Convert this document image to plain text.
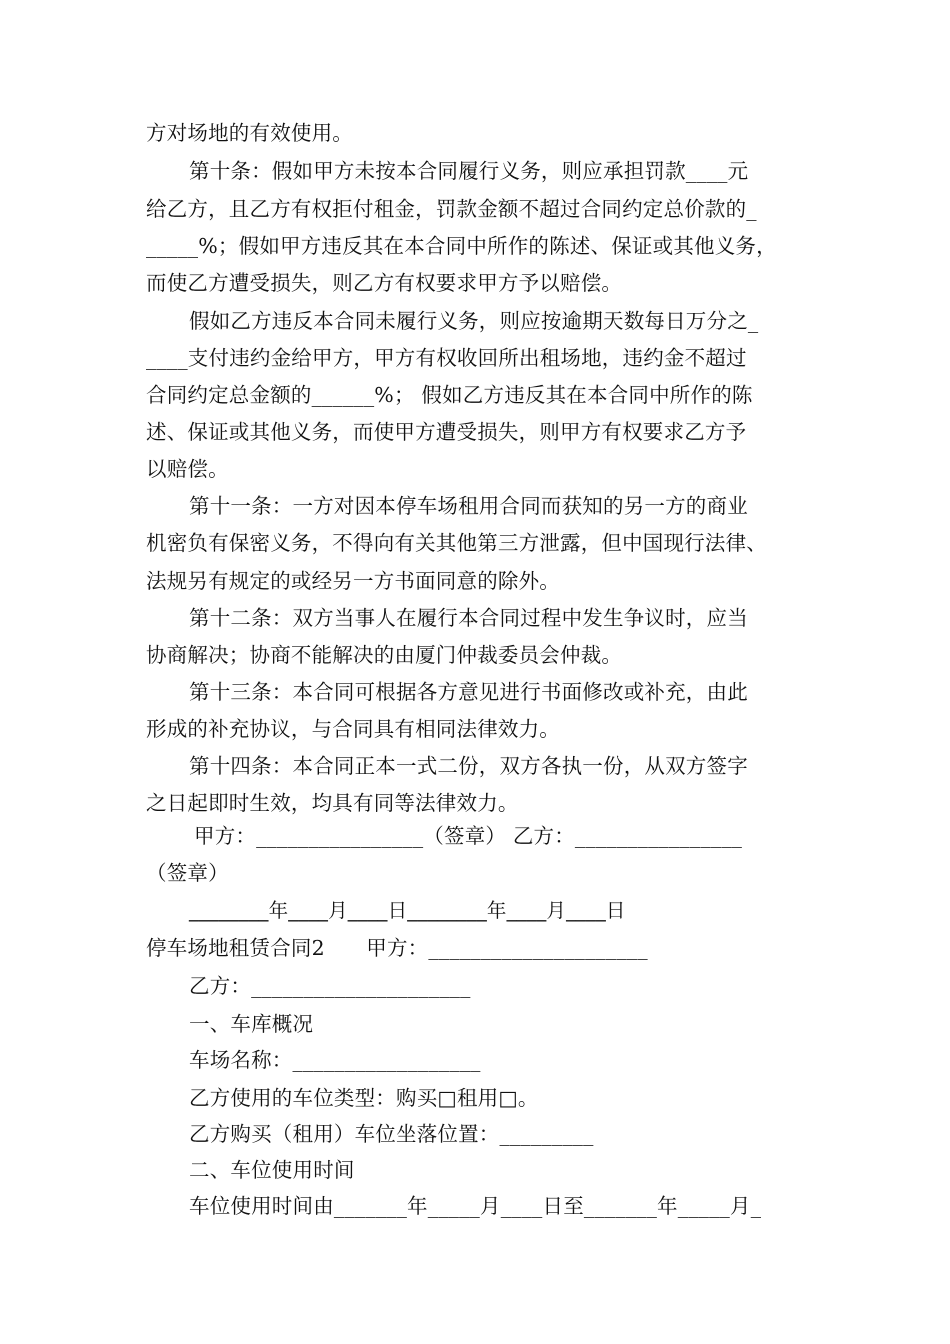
方对场地的有效使用。
第十条：假如甲方未按本合同履行义务，则应承担罚款____元
给乙方，且乙方有权拒付租金，罚款金额不超过合同约定总价款的_
_____%；假如甲方违反其在本合同中所作的陈述、保证或其他义务，
而使乙方遭受损失，则乙方有权要求甲方予以赔偿。
假如乙方违反本合同未履行义务，则应按逾期天数每日万分之_
____支付违约金给甲方，甲方有权收回所出租场地，违约金不超过
合同约定总金额的______%； 假如乙方违反其在本合同中所作的陈
述、保证或其他义务，而使甲方遭受损失，则甲方有权要求乙方予
以赔偿。
第十一条：一方对因本停车场租用合同而获知的另一方的商业
机密负有保密义务，不得向有关其他第三方泄露，但中国现行法律、
法规另有规定的或经另一方书面同意的除外。
第十二条：双方当事人在履行本合同过程中发生争议时，应当
协商解决；协商不能解决的由厦门仲裁委员会仲裁。
第十三条：本合同可根据各方意见进行书面修改或补充，由此
形成的补充协议，与合同具有相同法律效力。
第十四条：本合同正本一式二份，双方各执一份，从双方签字
之日起即时生效，均具有同等法律效力。
甲方：________________（签章） 乙方：________________
（签章）
________年____月____日________年____月____日
停车场地租赁合同2　　甲方：_____________________
乙方：_____________________
一、车库概况
车场名称：__________________
乙方使用的车位类型：购买□租用□。
乙方购买（租用）车位坐落位置：_________
二、车位使用时间
车位使用时间由_______年_____月____日至_______年_____月_
